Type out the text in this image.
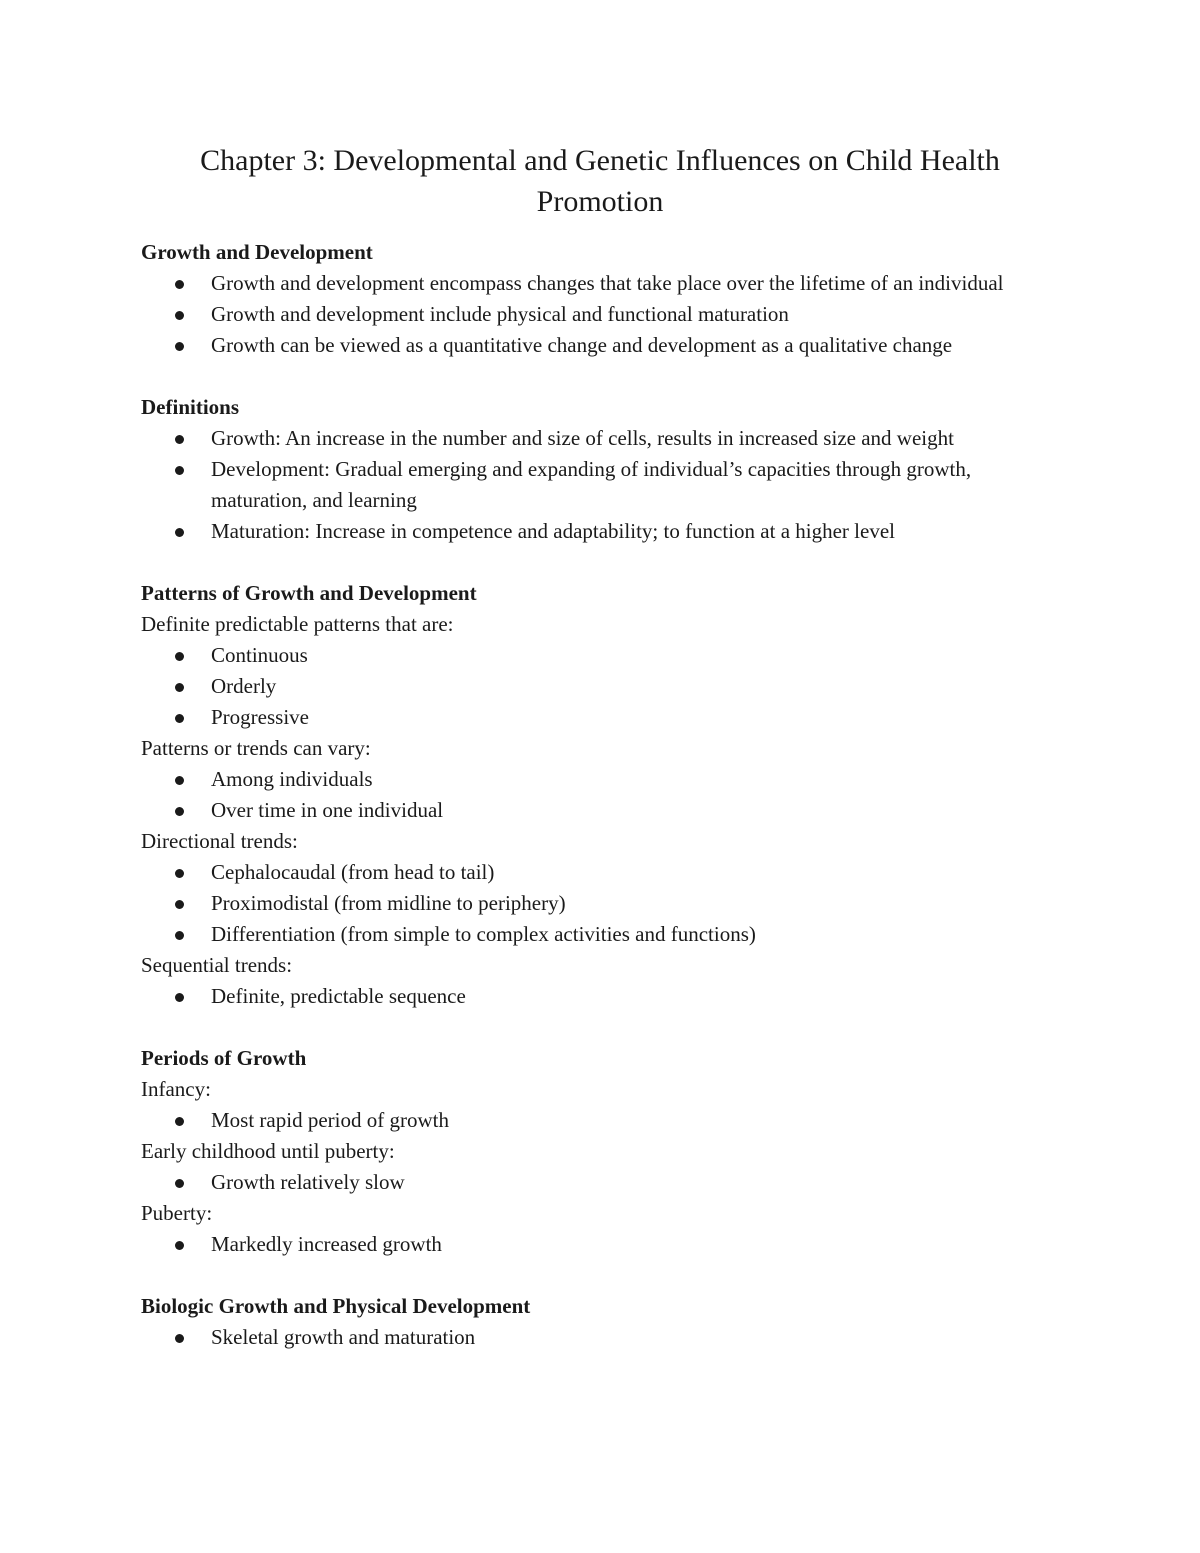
Chapter 3: Developmental and Genetic Influences on Child Health Promotion
Growth and Development
Growth and development encompass changes that take place over the lifetime of an individual
Growth and development include physical and functional maturation
Growth can be viewed as a quantitative change and development as a qualitative change
Definitions
Growth: An increase in the number and size of cells, results in increased size and weight
Development: Gradual emerging and expanding of individual’s capacities through growth, maturation, and learning
Maturation: Increase in competence and adaptability; to function at a higher level
Patterns of Growth and Development
Definite predictable patterns that are:
Continuous
Orderly
Progressive
Patterns or trends can vary:
Among individuals
Over time in one individual
Directional trends:
Cephalocaudal (from head to tail)
Proximodistal (from midline to periphery)
Differentiation (from simple to complex activities and functions)
Sequential trends:
Definite, predictable sequence
Periods of Growth
Infancy:
Most rapid period of growth
Early childhood until puberty:
Growth relatively slow
Puberty:
Markedly increased growth
Biologic Growth and Physical Development
Skeletal growth and maturation
